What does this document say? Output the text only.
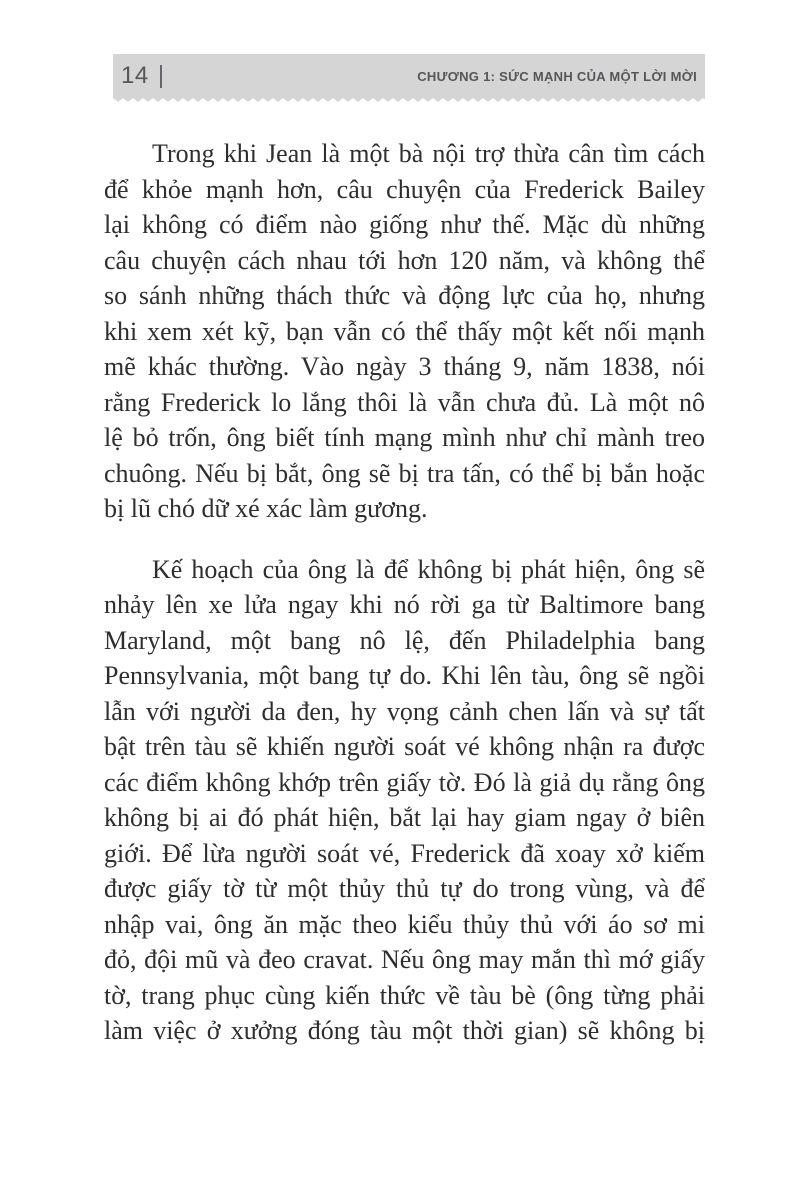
14	CHƯƠNG 1: SỨC MẠNH CỦA MỘT LỜI MỜI
Trong khi Jean là một bà nội trợ thừa cân tìm cách
để khỏe mạnh hơn, câu chuyện của Frederick Bailey
lại không có điểm nào giống như thế. Mặc dù những
câu chuyện cách nhau tới hơn 120 năm, và không thể
so sánh những thách thức và động lực của họ, nhưng
khi xem xét kỹ, bạn vẫn có thể thấy một kết nối mạnh
mẽ khác thường. Vào ngày 3 tháng 9, năm 1838, nói
rằng Frederick lo lắng thôi là vẫn chưa đủ. Là một nô
lệ bỏ trốn, ông biết tính mạng mình như chỉ mành treo
chuông. Nếu bị bắt, ông sẽ bị tra tấn, có thể bị bắn hoặc
bị lũ chó dữ xé xác làm gương.
Kế hoạch của ông là để không bị phát hiện, ông sẽ
nhảy lên xe lửa ngay khi nó rời ga từ Baltimore bang
Maryland, một bang nô lệ, đến Philadelphia bang
Pennsylvania, một bang tự do. Khi lên tàu, ông sẽ ngồi
lẫn với người da đen, hy vọng cảnh chen lấn và sự tất
bật trên tàu sẽ khiến người soát vé không nhận ra được
các điểm không khớp trên giấy tờ. Đó là giả dụ rằng ông
không bị ai đó phát hiện, bắt lại hay giam ngay ở biên
giới. Để lừa người soát vé, Frederick đã xoay xở kiếm
được giấy tờ từ một thủy thủ tự do trong vùng, và để
nhập vai, ông ăn mặc theo kiểu thủy thủ với áo sơ mi
đỏ, đội mũ và đeo cravat. Nếu ông may mắn thì mớ giấy
tờ, trang phục cùng kiến thức về tàu bè (ông từng phải
làm việc ở xưởng đóng tàu một thời gian) sẽ không bị
